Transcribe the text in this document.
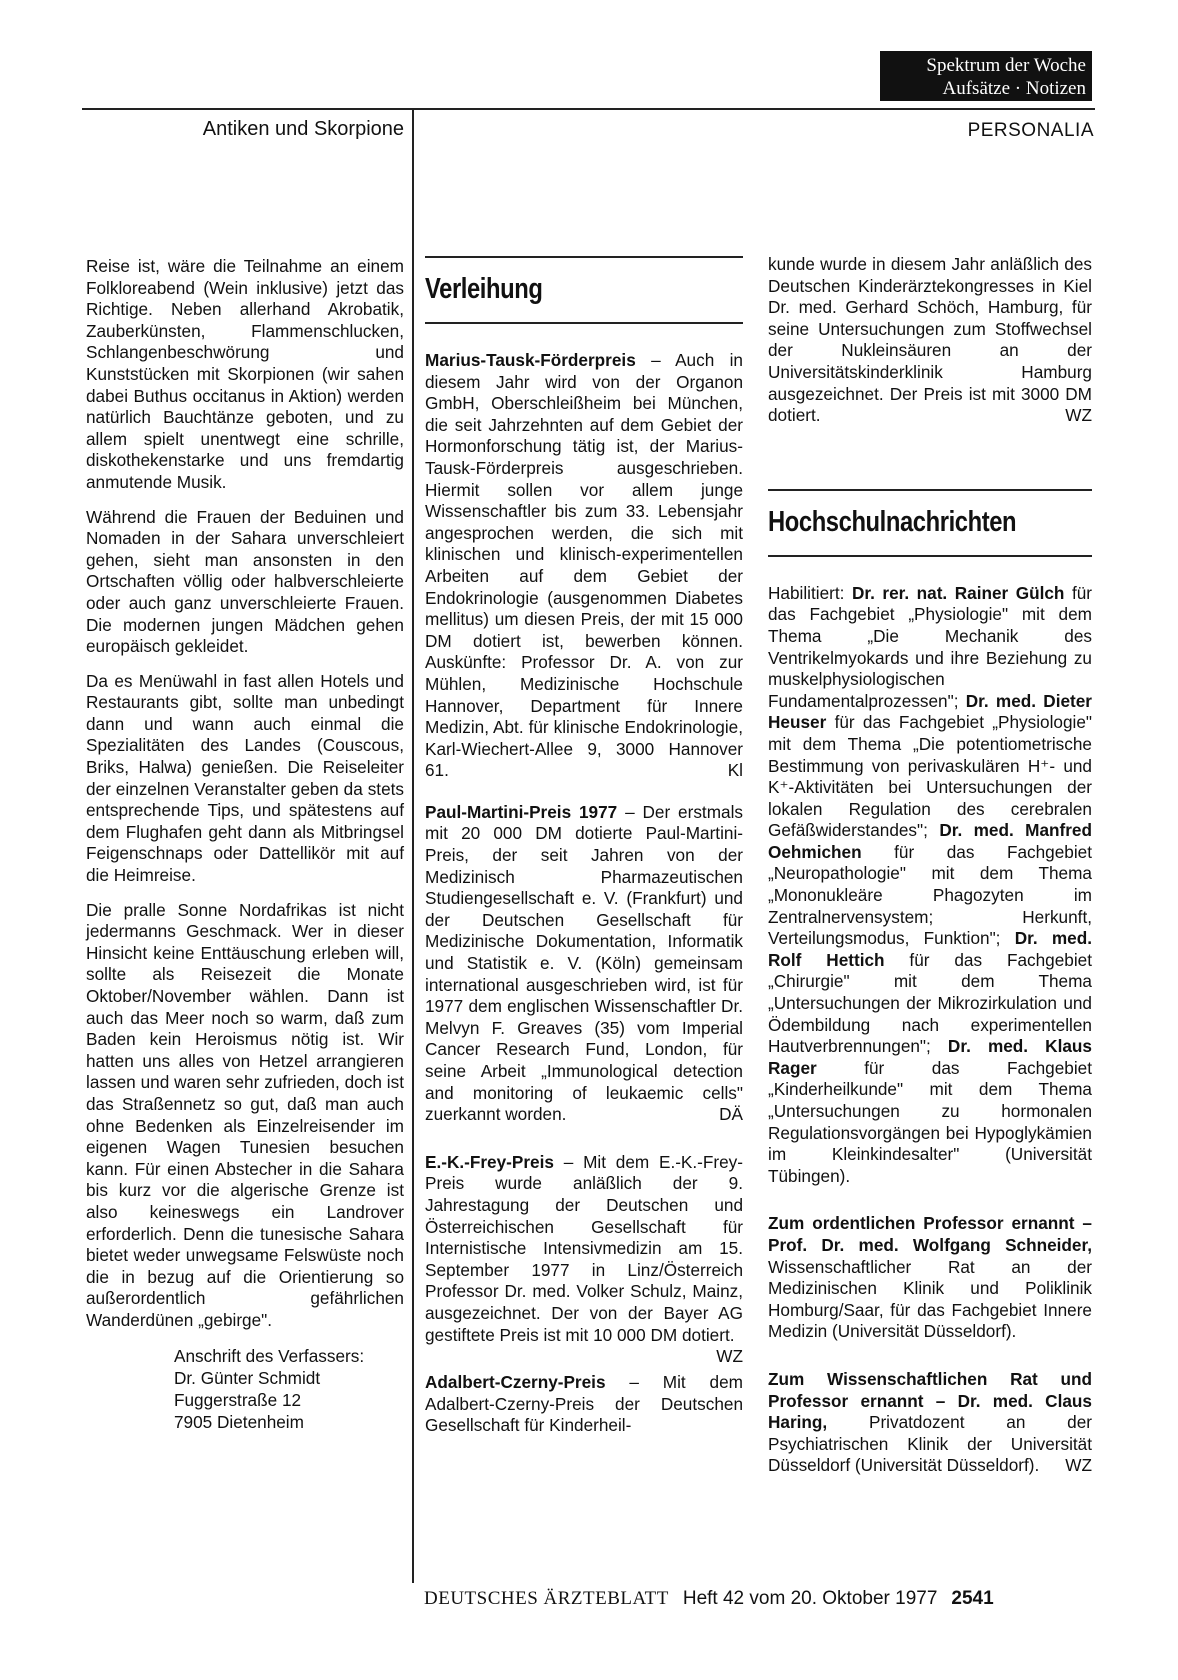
Spektrum der Woche
Aufsätze · Notizen
Antiken und Skorpione	PERSONALIA

Reise ist, wäre die Teilnahme an einem Folkloreabend (Wein inklusive) jetzt das Richtige. Neben allerhand Akrobatik, Zauberkünsten, Flammenschlucken, Schlangenbeschwörung und Kunststücken mit Skorpionen (wir sahen dabei Buthus occitanus in Aktion) werden natürlich Bauchtänze geboten, und zu allem spielt unentwegt eine schrille, diskothekenstarke und uns fremdartig anmutende Musik.

Während die Frauen der Beduinen und Nomaden in der Sahara unverschleiert gehen, sieht man ansonsten in den Ortschaften völlig oder halbverschleierte oder auch ganz unverschleierte Frauen. Die modernen jungen Mädchen gehen europäisch gekleidet.

Da es Menüwahl in fast allen Hotels und Restaurants gibt, sollte man unbedingt dann und wann auch einmal die Spezialitäten des Landes (Couscous, Briks, Halwa) genießen. Die Reiseleiter der einzelnen Veranstalter geben da stets entsprechende Tips, und spätestens auf dem Flughafen geht dann als Mitbringsel Feigenschnaps oder Dattellikör mit auf die Heimreise.

Die pralle Sonne Nordafrikas ist nicht jedermanns Geschmack. Wer in dieser Hinsicht keine Enttäuschung erleben will, sollte als Reisezeit die Monate Oktober/November wählen. Dann ist auch das Meer noch so warm, daß zum Baden kein Heroismus nötig ist. Wir hatten uns alles von Hetzel arrangieren lassen und waren sehr zufrieden, doch ist das Straßennetz so gut, daß man auch ohne Bedenken als Einzelreisender im eigenen Wagen Tunesien besuchen kann. Für einen Abstecher in die Sahara bis kurz vor die algerische Grenze ist also keineswegs ein Landrover erforderlich. Denn die tunesische Sahara bietet weder unwegsame Felswüste noch die in bezug auf die Orientierung so außerordentlich gefährlichen Wanderdünen „gebirge".

Anschrift des Verfassers:
Dr. Günter Schmidt
Fuggerstraße 12
7905 Dietenheim
Verleihung

Marius-Tausk-Förderpreis – Auch in diesem Jahr wird von der Organon GmbH, Oberschleißheim bei München, die seit Jahrzehnten auf dem Gebiet der Hormonforschung tätig ist, der Marius-Tausk-Förderpreis ausgeschrieben. Hiermit sollen vor allem junge Wissenschaftler bis zum 33. Lebensjahr angesprochen werden, die sich mit klinischen und klinisch-experimentellen Arbeiten auf dem Gebiet der Endokrinologie (ausgenommen Diabetes mellitus) um diesen Preis, der mit 15 000 DM dotiert ist, bewerben können. Auskünfte: Professor Dr. A. von zur Mühlen, Medizinische Hochschule Hannover, Department für Innere Medizin, Abt. für klinische Endokrinologie, Karl-Wiechert-Allee 9, 3000 Hannover 61.	Kl

Paul-Martini-Preis 1977 – Der erstmals mit 20 000 DM dotierte Paul-Martini-Preis, der seit Jahren von der Medizinisch Pharmazeutischen Studiengesellschaft e. V. (Frankfurt) und der Deutschen Gesellschaft für Medizinische Dokumentation, Informatik und Statistik e. V. (Köln) gemeinsam international ausgeschrieben wird, ist für 1977 dem englischen Wissenschaftler Dr. Melvyn F. Greaves (35) vom Imperial Cancer Research Fund, London, für seine Arbeit „Immunological detection and monitoring of leukaemic cells" zuerkannt worden.	DÄ

E.-K.-Frey-Preis – Mit dem E.-K.-Frey-Preis wurde anläßlich der 9. Jahrestagung der Deutschen und Österreichischen Gesellschaft für Internistische Intensivmedizin am 15. September 1977 in Linz/Österreich Professor Dr. med. Volker Schulz, Mainz, ausgezeichnet. Der von der Bayer AG gestiftete Preis ist mit 10 000 DM dotiert.
WZ

Adalbert-Czerny-Preis – Mit dem Adalbert-Czerny-Preis der Deutschen Gesellschaft für Kinderheil-

kunde wurde in diesem Jahr anläßlich des Deutschen Kinderärztekongresses in Kiel Dr. med. Gerhard Schöch, Hamburg, für seine Untersuchungen zum Stoffwechsel der Nukleinsäuren an der Universitätskinderklinik Hamburg ausgezeichnet. Der Preis ist mit 3000 DM dotiert.	WZ

Hochschulnachrichten

Habilitiert: Dr. rer. nat. Rainer Gülch für das Fachgebiet „Physiologie" mit dem Thema „Die Mechanik des Ventrikelmyokards und ihre Beziehung zu muskelphysiologischen Fundamentalprozessen"; Dr. med. Dieter Heuser für das Fachgebiet „Physiologie" mit dem Thema „Die potentiometrische Bestimmung von perivaskulären H⁺- und K⁺-Aktivitäten bei Untersuchungen der lokalen Regulation des cerebralen Gefäßwiderstandes"; Dr. med. Manfred Oehmichen für das Fachgebiet „Neuropathologie" mit dem Thema „Mononukleäre Phagozyten im Zentralnervensystem; Herkunft, Verteilungsmodus, Funktion"; Dr. med. Rolf Hettich für das Fachgebiet „Chirurgie" mit dem Thema „Untersuchungen der Mikrozirkulation und Ödembildung nach experimentellen Hautverbrennungen"; Dr. med. Klaus Rager für das Fachgebiet „Kinderheilkunde" mit dem Thema „Untersuchungen zu hormonalen Regulationsvorgängen bei Hypoglykämien im Kleinkindesalter" (Universität Tübingen).

Zum ordentlichen Professor ernannt – Prof. Dr. med. Wolfgang Schneider, Wissenschaftlicher Rat an der Medizinischen Klinik und Poliklinik Homburg/Saar, für das Fachgebiet Innere Medizin (Universität Düsseldorf).

Zum Wissenschaftlichen Rat und Professor ernannt – Dr. med. Claus Haring, Privatdozent an der Psychiatrischen Klinik der Universität Düsseldorf (Universität Düsseldorf). WZ

DEUTSCHES ÄRZTEBLATT Heft 42 vom 20. Oktober 1977 2541
